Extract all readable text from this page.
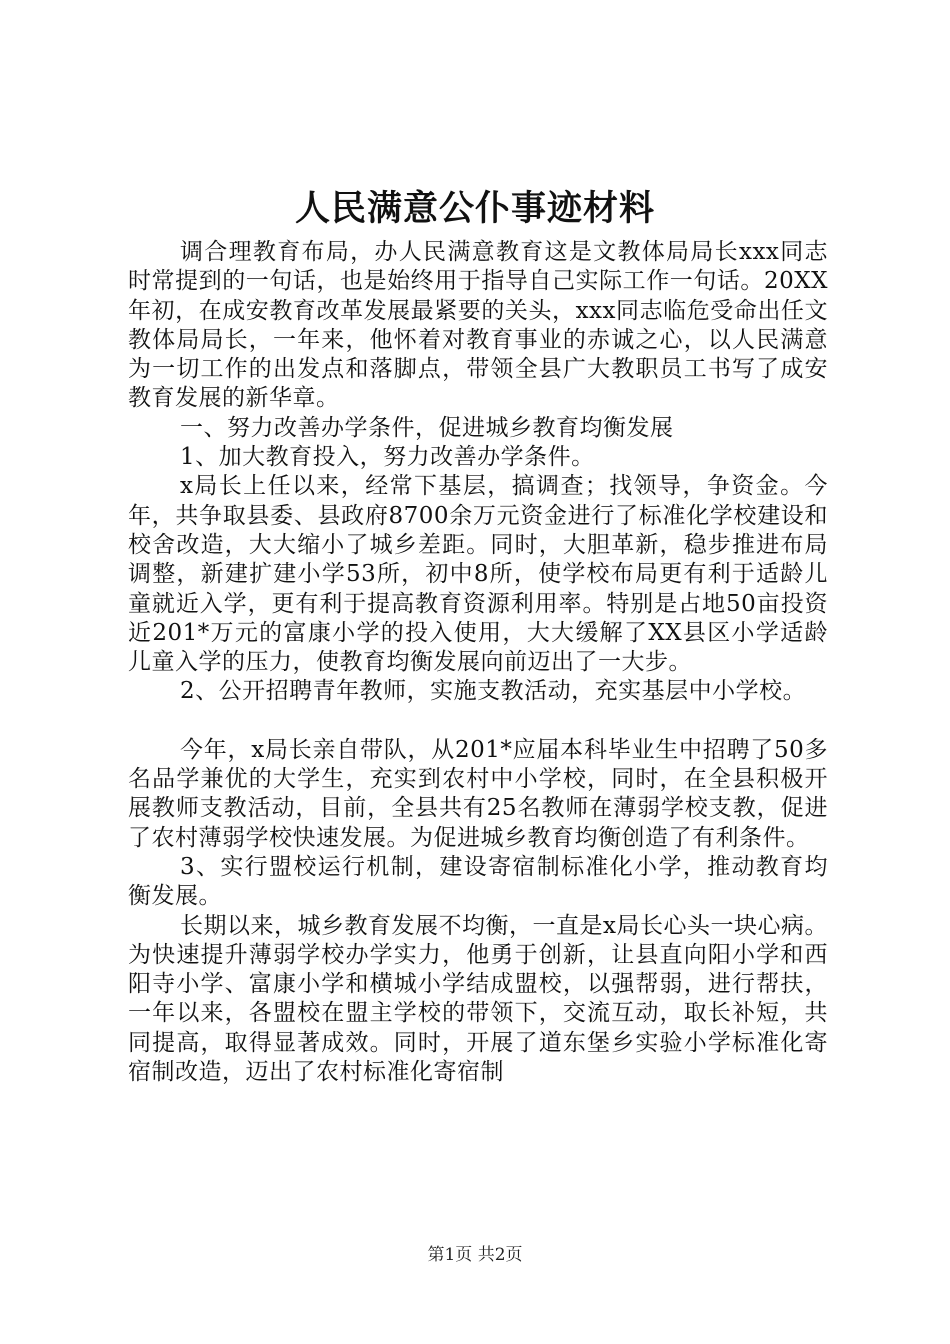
人民满意公仆事迹材料

调合理教育布局，办人民满意教育这是文教体局局长xxx同志时常提到的一句话，也是始终用于指导自己实际工作一句话。20XX年初，在成安教育改革发展最紧要的关头，xxx同志临危受命出任文教体局局长，一年来，他怀着对教育事业的赤诚之心，以人民满意为一切工作的出发点和落脚点，带领全县广大教职员工书写了成安教育发展的新华章。

一、努力改善办学条件，促进城乡教育均衡发展

1、加大教育投入，努力改善办学条件。

x局长上任以来，经常下基层，搞调查；找领导，争资金。今年，共争取县委、县政府8700余万元资金进行了标准化学校建设和校舍改造，大大缩小了城乡差距。同时，大胆革新，稳步推进布局调整，新建扩建小学53所，初中8所，使学校布局更有利于适龄儿童就近入学，更有利于提高教育资源利用率。特别是占地50亩投资近201*万元的富康小学的投入使用，大大缓解了XX县区小学适龄儿童入学的压力，使教育均衡发展向前迈出了一大步。

2、公开招聘青年教师，实施支教活动，充实基层中小学校。

今年，x局长亲自带队，从201*应届本科毕业生中招聘了50多名品学兼优的大学生，充实到农村中小学校，同时，在全县积极开展教师支教活动，目前，全县共有25名教师在薄弱学校支教，促进了农村薄弱学校快速发展。为促进城乡教育均衡创造了有利条件。

3、实行盟校运行机制，建设寄宿制标准化小学，推动教育均衡发展。

长期以来，城乡教育发展不均衡，一直是x局长心头一块心病。为快速提升薄弱学校办学实力，他勇于创新，让县直向阳小学和西阳寺小学、富康小学和横城小学结成盟校，以强帮弱，进行帮扶，一年以来，各盟校在盟主学校的带领下，交流互动，取长补短，共同提高，取得显著成效。同时，开展了道东堡乡实验小学标准化寄宿制改造，迈出了农村标准化寄宿制

第1页 共2页
